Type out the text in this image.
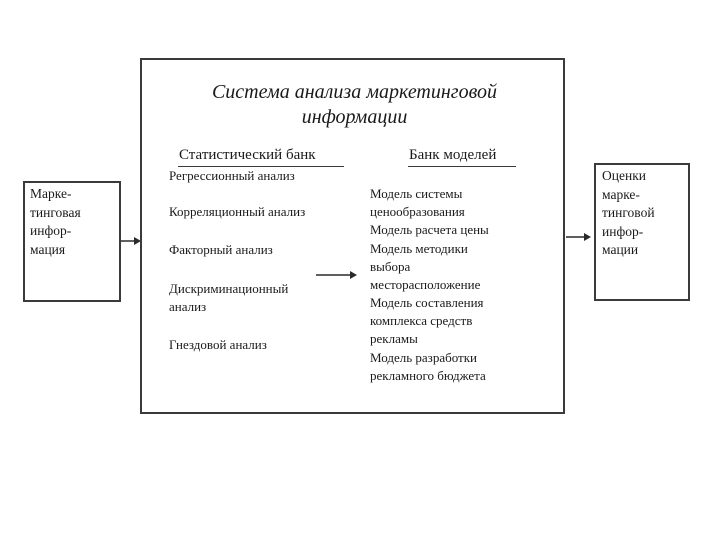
Марке-
тинговая
инфор-
мация
Система анализа маркетинговой
информации
Статистический банк	Банк моделей
Регрессионный анализ
Корреляционный анализ
Факторный анализ
Дискриминационный
анализ
Гнездовой анализ
Модель системы
ценообразования
Модель расчета цены
Модель методики
выбора
месторасположение
Модель составления
комплекса средств
рекламы
Модель разработки
рекламного бюджета
Оценки
марке-
тинговой
инфор-
мации
